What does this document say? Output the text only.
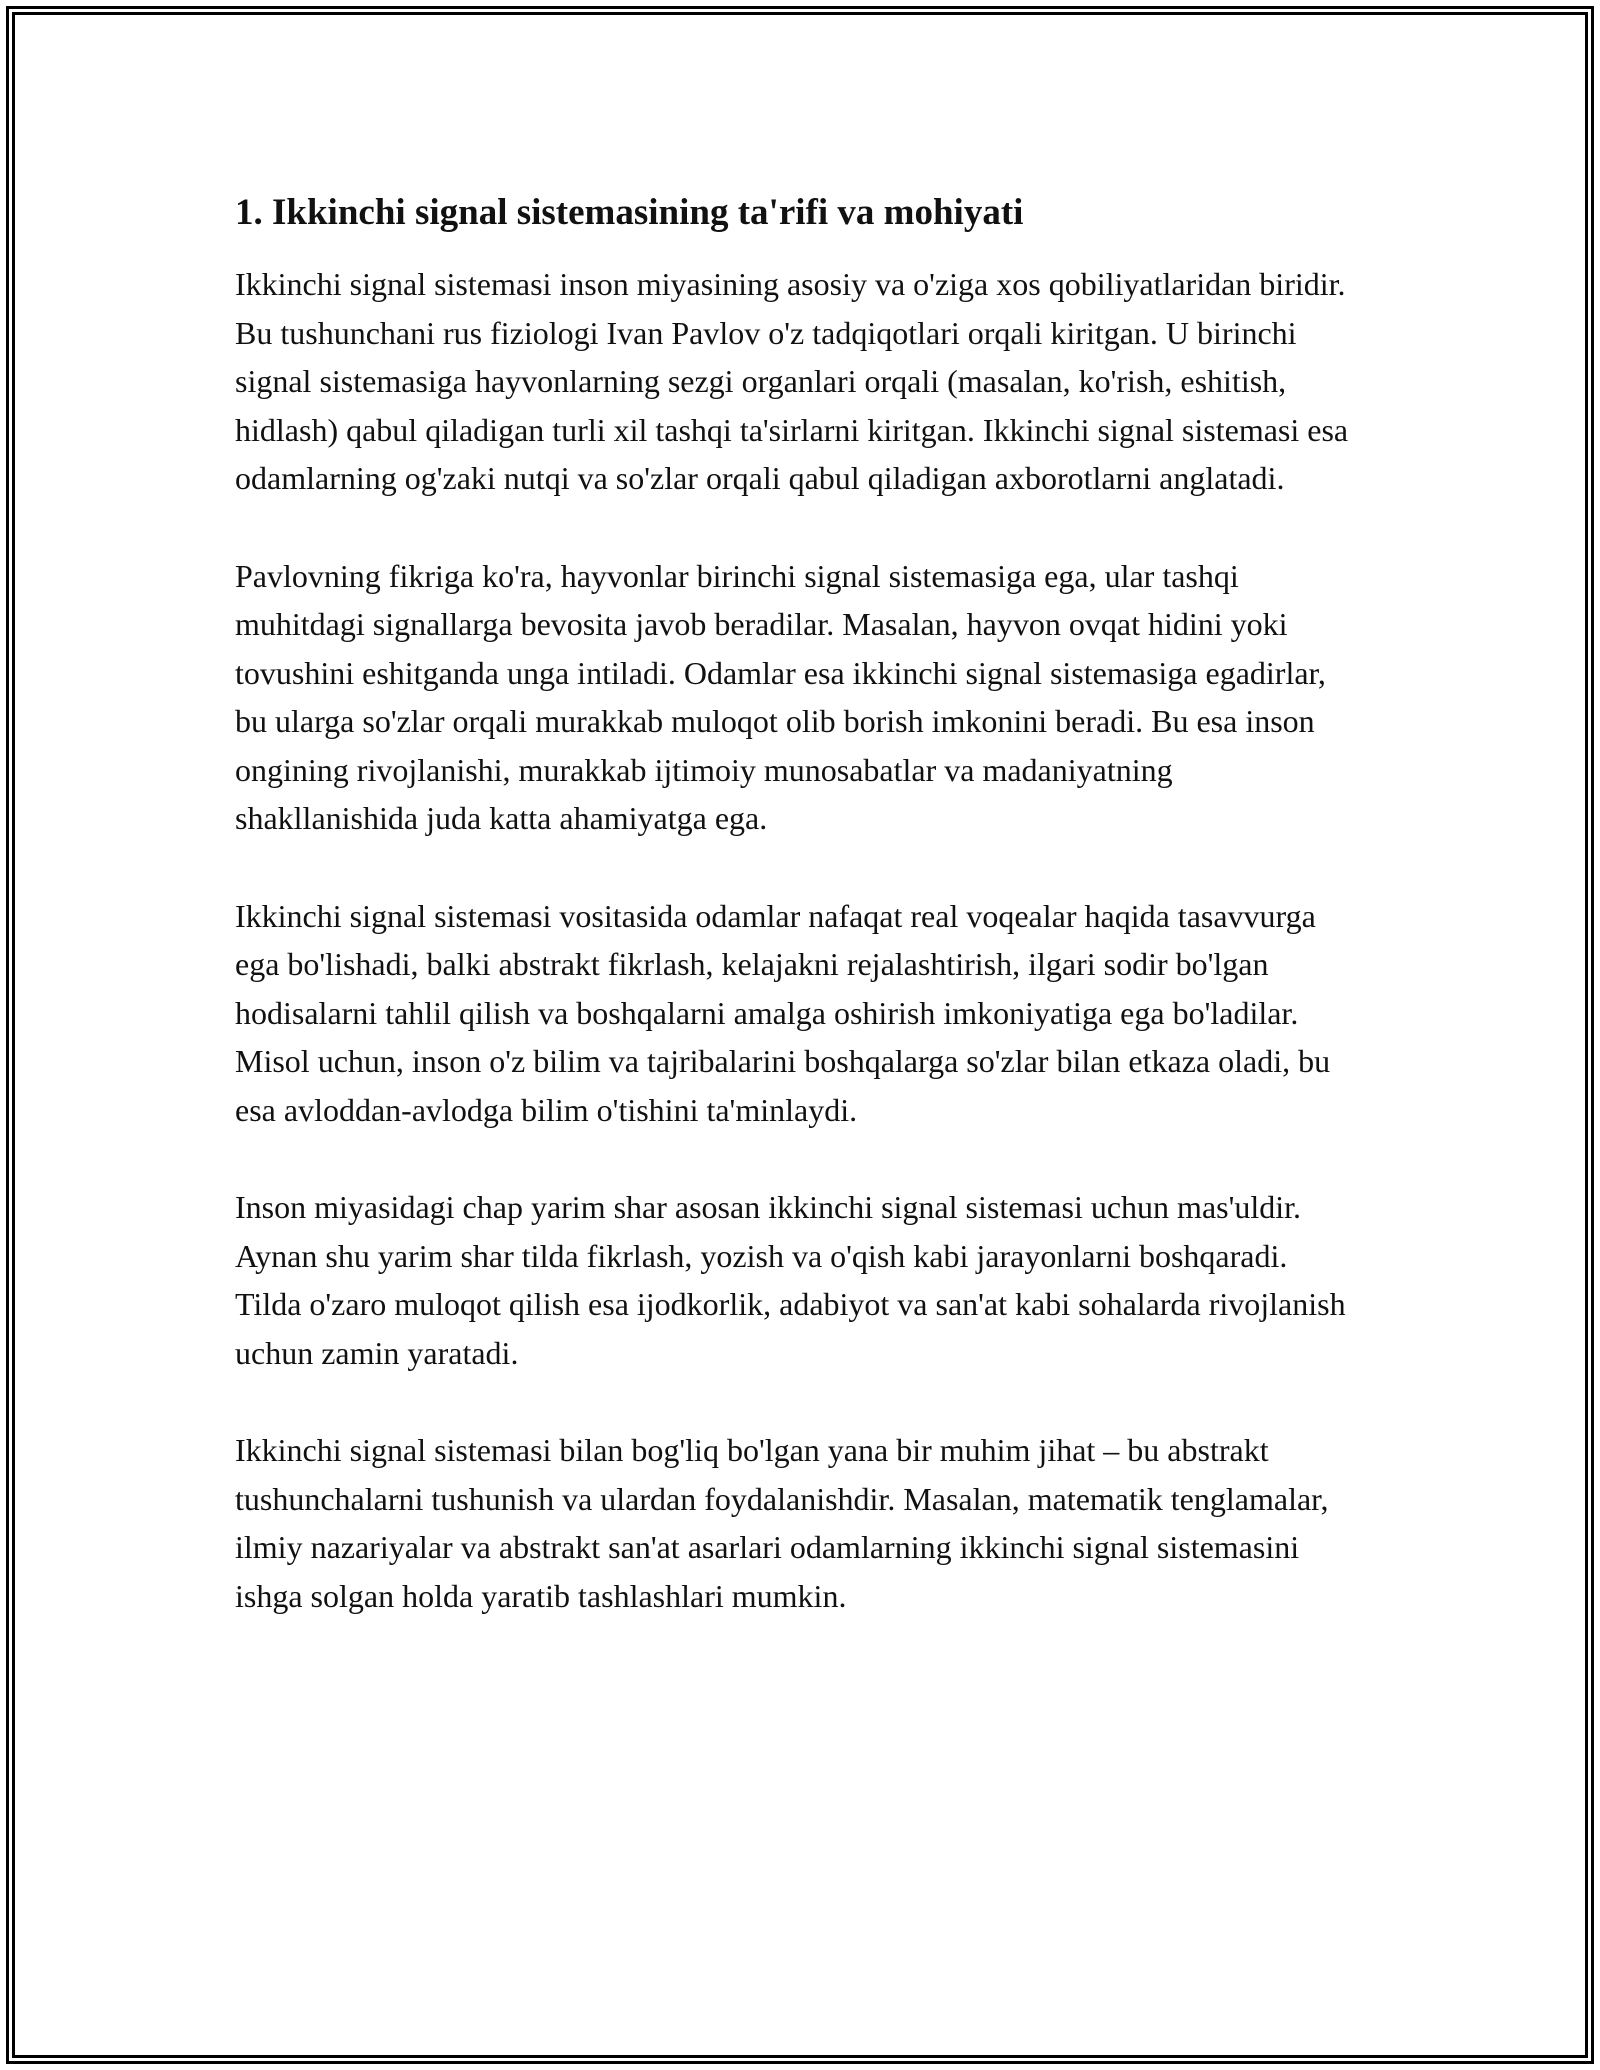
1. Ikkinchi signal sistemasining ta'rifi va mohiyati

Ikkinchi signal sistemasi inson miyasining asosiy va o'ziga xos qobiliyatlaridan biridir. Bu tushunchani rus fiziologi Ivan Pavlov o'z tadqiqotlari orqali kiritgan. U birinchi signal sistemasiga hayvonlarning sezgi organlari orqali (masalan, ko'rish, eshitish, hidlash) qabul qiladigan turli xil tashqi ta'sirlarni kiritgan. Ikkinchi signal sistemasi esa odamlarning og'zaki nutqi va so'zlar orqali qabul qiladigan axborotlarni anglatadi.

Pavlovning fikriga ko'ra, hayvonlar birinchi signal sistemasiga ega, ular tashqi muhitdagi signallarga bevosita javob beradilar. Masalan, hayvon ovqat hidini yoki tovushini eshitganda unga intiladi. Odamlar esa ikkinchi signal sistemasiga egadirlar, bu ularga so'zlar orqali murakkab muloqot olib borish imkonini beradi. Bu esa inson ongining rivojlanishi, murakkab ijtimoiy munosabatlar va madaniyatning shakllanishida juda katta ahamiyatga ega.

Ikkinchi signal sistemasi vositasida odamlar nafaqat real voqealar haqida tasavvurga ega bo'lishadi, balki abstrakt fikrlash, kelajakni rejalashtirish, ilgari sodir bo'lgan hodisalarni tahlil qilish va boshqalarni amalga oshirish imkoniyatiga ega bo'ladilar. Misol uchun, inson o'z bilim va tajribalarini boshqalarga so'zlar bilan etkaza oladi, bu esa avloddan-avlodga bilim o'tishini ta'minlaydi.

Inson miyasidagi chap yarim shar asosan ikkinchi signal sistemasi uchun mas'uldir. Aynan shu yarim shar tilda fikrlash, yozish va o'qish kabi jarayonlarni boshqaradi. Tilda o'zaro muloqot qilish esa ijodkorlik, adabiyot va san'at kabi sohalarda rivojlanish uchun zamin yaratadi.

Ikkinchi signal sistemasi bilan bog'liq bo'lgan yana bir muhim jihat – bu abstrakt tushunchalarni tushunish va ulardan foydalanishdir. Masalan, matematik tenglamalar, ilmiy nazariyalar va abstrakt san'at asarlari odamlarning ikkinchi signal sistemasini ishga solgan holda yaratib tashlashlari mumkin.
